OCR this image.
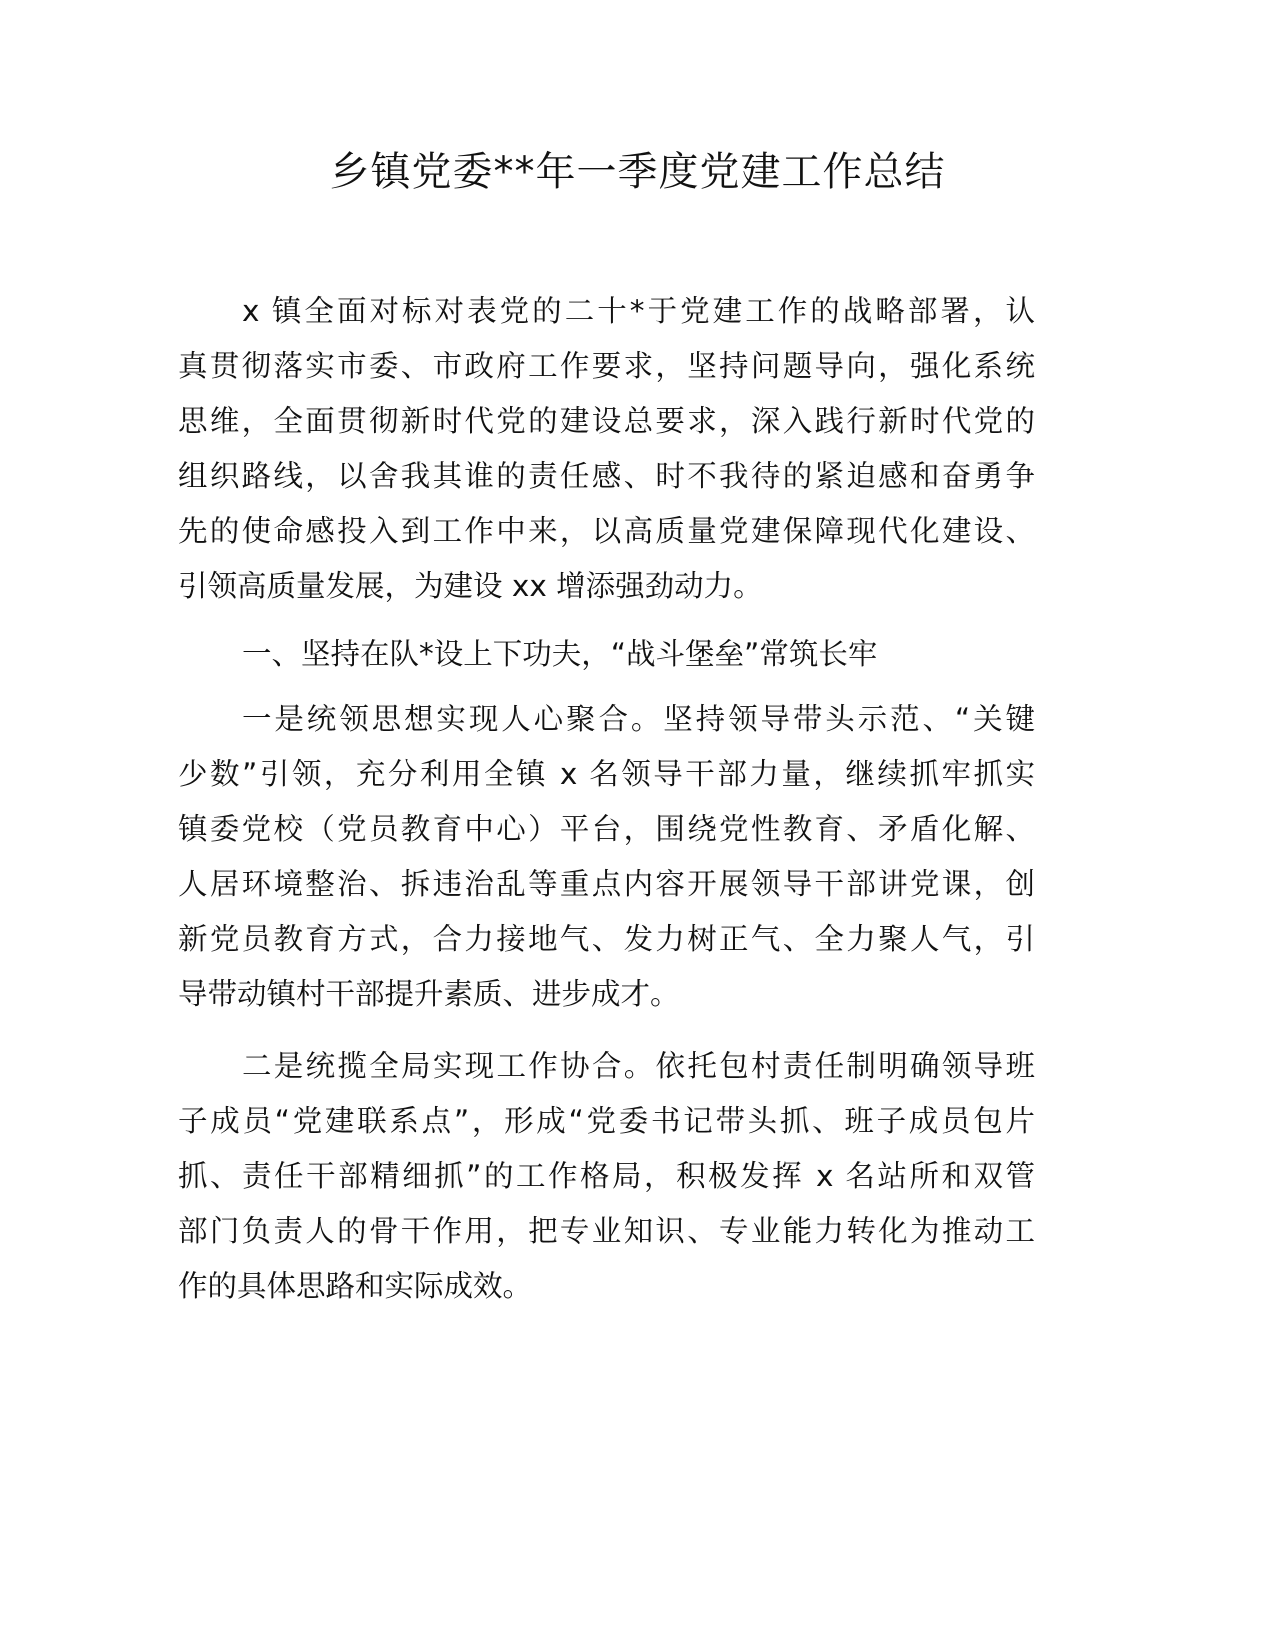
乡镇党委**年一季度党建工作总结
x 镇全面对标对表党的二十*于党建工作的战略部署，认
真贯彻落实市委、市政府工作要求，坚持问题导向，强化系统
思维，全面贯彻新时代党的建设总要求，深入践行新时代党的
组织路线，以舍我其谁的责任感、时不我待的紧迫感和奋勇争
先的使命感投入到工作中来，以高质量党建保障现代化建设、
引领高质量发展，为建设 xx 增添强劲动力。
一、坚持在队*设上下功夫，“战斗堡垒”常筑长牢
一是统领思想实现人心聚合。坚持领导带头示范、“关键
少数”引领，充分利用全镇 x 名领导干部力量，继续抓牢抓实
镇委党校（党员教育中心）平台，围绕党性教育、矛盾化解、
人居环境整治、拆违治乱等重点内容开展领导干部讲党课，创
新党员教育方式，合力接地气、发力树正气、全力聚人气，引
导带动镇村干部提升素质、进步成才。
二是统揽全局实现工作协合。依托包村责任制明确领导班
子成员“党建联系点”，形成“党委书记带头抓、班子成员包片
抓、责任干部精细抓”的工作格局，积极发挥 x 名站所和双管
部门负责人的骨干作用，把专业知识、专业能力转化为推动工
作的具体思路和实际成效。
